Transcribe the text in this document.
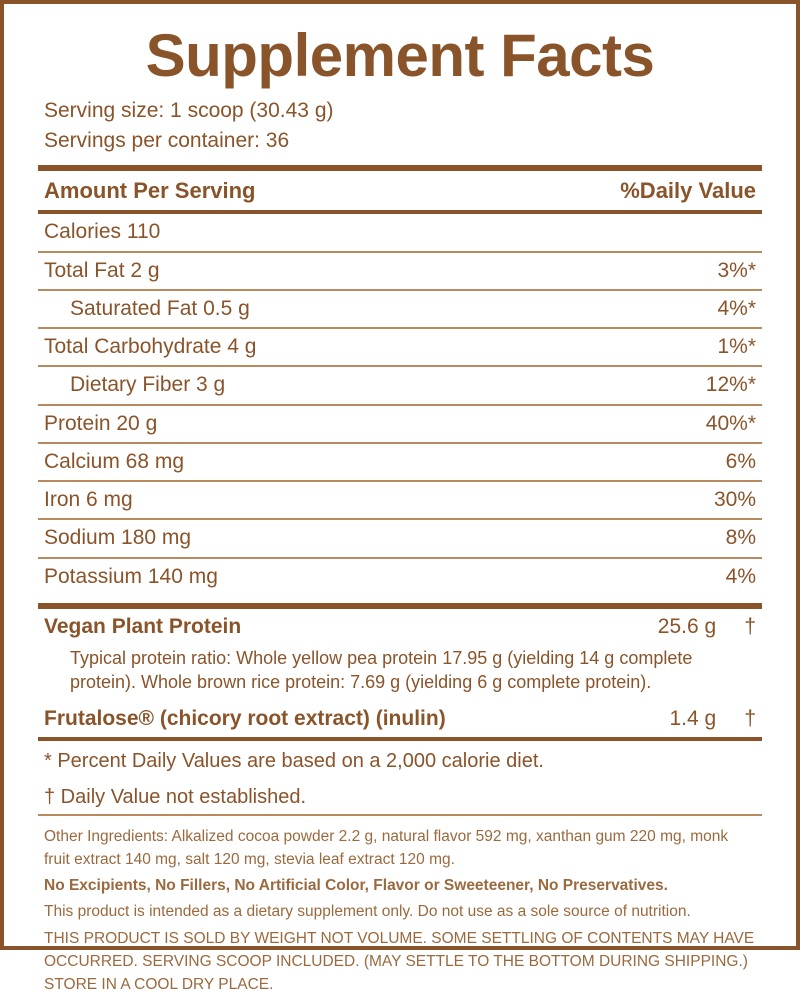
Supplement Facts
Serving size: 1 scoop (30.43 g)
Servings per container: 36
Amount Per Serving	%Daily Value
Calories 110
Total Fat 2 g	3%*
Saturated Fat 0.5 g	4%*
Total Carbohydrate 4 g	1%*
Dietary Fiber 3 g	12%*
Protein 20 g	40%*
Calcium 68 mg	6%
Iron 6 mg	30%
Sodium 180 mg	8%
Potassium 140 mg	4%
Vegan Plant Protein	25.6 g †
Typical protein ratio: Whole yellow pea protein 17.95 g (yielding 14 g complete protein). Whole brown rice protein: 7.69 g (yielding 6 g complete protein).
Frutalose® (chicory root extract) (inulin)	1.4 g †
* Percent Daily Values are based on a 2,000 calorie diet.
† Daily Value not established.
Other Ingredients: Alkalized cocoa powder 2.2 g, natural flavor 592 mg, xanthan gum 220 mg, monk fruit extract 140 mg, salt 120 mg, stevia leaf extract 120 mg.
No Excipients, No Fillers, No Artificial Color, Flavor or Sweeteener, No Preservatives.
This product is intended as a dietary supplement only. Do not use as a sole source of nutrition.
THIS PRODUCT IS SOLD BY WEIGHT NOT VOLUME. SOME SETTLING OF CONTENTS MAY HAVE OCCURRED. SERVING SCOOP INCLUDED. (MAY SETTLE TO THE BOTTOM DURING SHIPPING.) STORE IN A COOL DRY PLACE.
